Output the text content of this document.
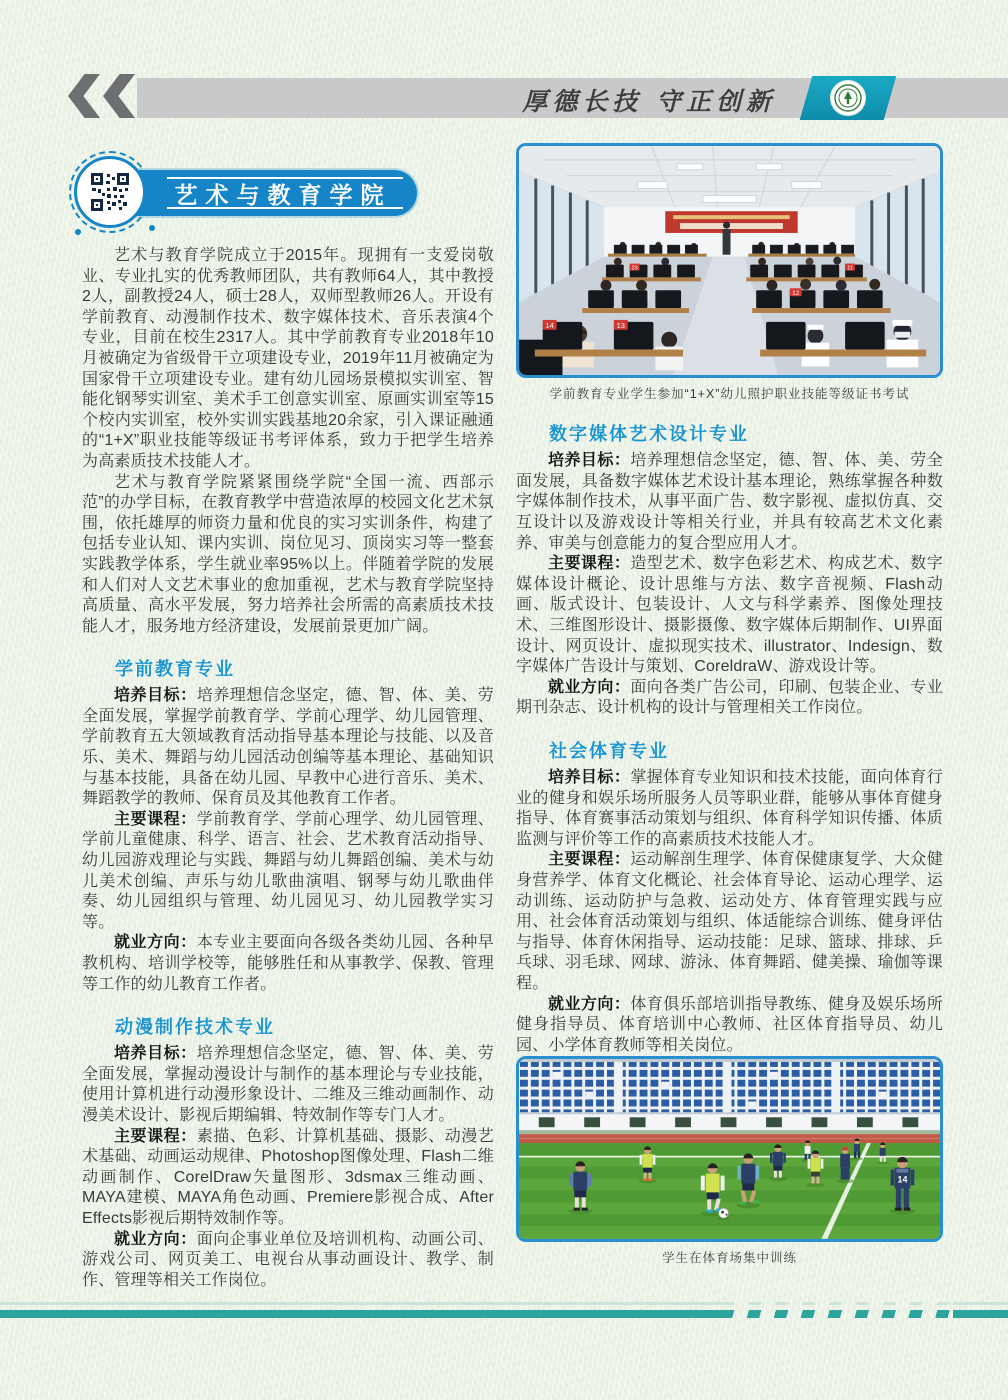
厚德长技 守正创新
艺术与教育学院

艺术与教育学院成立于2015年。现拥有一支爱岗敬业、专业扎实的优秀教师团队，共有教师64人，其中教授2人，副教授24人，硕士28人，双师型教师26人。开设有学前教育、动漫制作技术、数字媒体技术、音乐表演4个专业，目前在校生2317人。其中学前教育专业2018年10月被确定为省级骨干立项建设专业，2019年11月被确定为国家骨干立项建设专业。建有幼儿园场景模拟实训室、智能化钢琴实训室、美术手工创意实训室、原画实训室等15个校内实训室，校外实训实践基地20余家，引入课证融通的“1+X”职业技能等级证书考评体系，致力于把学生培养为高素质技术技能人才。

艺术与教育学院紧紧围绕学院“全国一流、西部示范”的办学目标，在教育教学中营造浓厚的校园文化艺术氛围，依托雄厚的师资力量和优良的实习实训条件，构建了包括专业认知、课内实训、岗位见习、顶岗实习等一整套实践教学体系，学生就业率95%以上。伴随着学院的发展和人们对人文艺术事业的愈加重视，艺术与教育学院坚持高质量、高水平发展，努力培养社会所需的高素质技术技能人才，服务地方经济建设，发展前景更加广阔。

学前教育专业

培养目标：培养理想信念坚定，德、智、体、美、劳全面发展，掌握学前教育学、学前心理学、幼儿园管理、学前教育五大领域教育活动指导基本理论与技能、以及音乐、美术、舞蹈与幼儿园活动创编等基本理论、基础知识与基本技能，具备在幼儿园、早教中心进行音乐、美术、舞蹈教学的教师、保育员及其他教育工作者。

主要课程：学前教育学、学前心理学、幼儿园管理、学前儿童健康、科学、语言、社会、艺术教育活动指导、幼儿园游戏理论与实践、舞蹈与幼儿舞蹈创编、美术与幼儿美术创编、声乐与幼儿歌曲演唱、钢琴与幼儿歌曲伴奏、幼儿园组织与管理、幼儿园见习、幼儿园教学实习等。

就业方向：本专业主要面向各级各类幼儿园、各种早教机构、培训学校等，能够胜任和从事教学、保教、管理等工作的幼儿教育工作者。

动漫制作技术专业

培养目标：培养理想信念坚定，德、智、体、美、劳全面发展，掌握动漫设计与制作的基本理论与专业技能，使用计算机进行动漫形象设计、二维及三维动画制作、动漫美术设计、影视后期编辑、特效制作等专门人才。

主要课程：素描、色彩、计算机基础、摄影、动漫艺术基础、动画运动规律、Photoshop图像处理、Flash二维动画制作、CorelDraw矢量图形、3dsmax三维动画、MAYA建模、MAYA角色动画、Premiere影视合成、After Effects影视后期特效制作等。

就业方向：面向企事业单位及培训机构、动画公司、游戏公司、网页美工、电视台从事动画设计、教学、制作、管理等相关工作岗位。

23	11
12
14	13
学前教育专业学生参加“1+X”幼儿照护职业技能等级证书考试
数字媒体艺术设计专业

培养目标：培养理想信念坚定，德、智、体、美、劳全面发展，具备数字媒体艺术设计基本理论，熟练掌握各种数字媒体制作技术，从事平面广告、数字影视、虚拟仿真、交互设计以及游戏设计等相关行业，并具有较高艺术文化素养、审美与创意能力的复合型应用人才。

主要课程：造型艺术、数字色彩艺术、构成艺术、数字媒体设计概论、设计思维与方法、数字音视频、Flash动画、版式设计、包装设计、人文与科学素养、图像处理技术、三维图形设计、摄影摄像、数字媒体后期制作、UI界面设计、网页设计、虚拟现实技术、illustrator、Indesign、数字媒体广告设计与策划、CoreldraW、游戏设计等。

就业方向：面向各类广告公司，印刷、包装企业、专业期刊杂志、设计机构的设计与管理相关工作岗位。

社会体育专业

培养目标：掌握体育专业知识和技术技能，面向体育行业的健身和娱乐场所服务人员等职业群，能够从事体育健身指导、体育赛事活动策划与组织、体育科学知识传播、体质监测与评价等工作的高素质技术技能人才。

主要课程：运动解剖生理学、体育保健康复学、大众健身营养学、体育文化概论、社会体育导论、运动心理学、运动训练、运动防护与急救、运动处方、体育管理实践与应用、社会体育活动策划与组织、体适能综合训练、健身评估与指导、体育休闲指导、运动技能：足球、篮球、排球、乒乓球、羽毛球、网球、游泳、体育舞蹈、健美操、瑜伽等课程。

就业方向：体育俱乐部培训指导教练、健身及娱乐场所健身指导员、体育培训中心教师、社区体育指导员、幼儿园、小学体育教师等相关岗位。

14
学生在体育场集中训练
